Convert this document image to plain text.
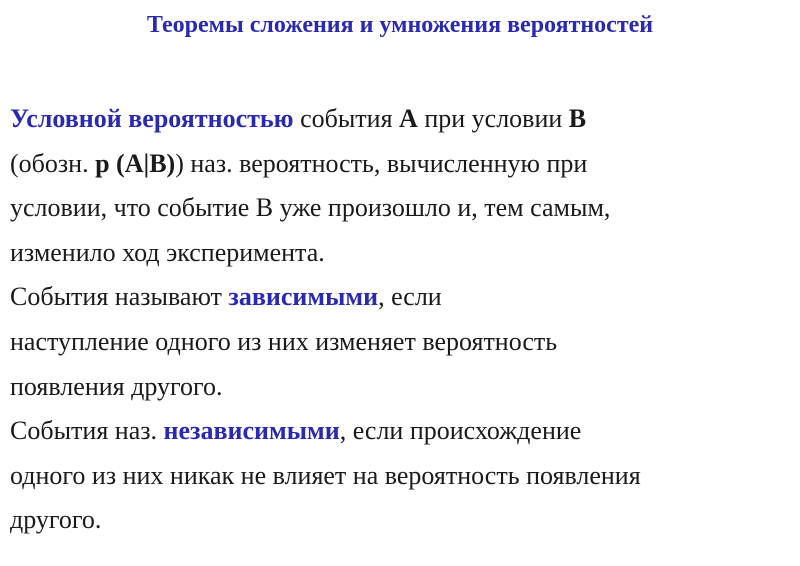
Теоремы сложения и умножения вероятностей
Условной вероятностью события А при условии В
(обозн. р (А|В)) наз. вероятность, вычисленную при
условии, что событие В уже произошло и, тем самым,
изменило ход эксперимента.
События называют зависимыми, если
наступление одного из них изменяет вероятность
появления другого.
События наз. независимыми, если происхождение
одного из них никак не влияет на вероятность появления
другого.
